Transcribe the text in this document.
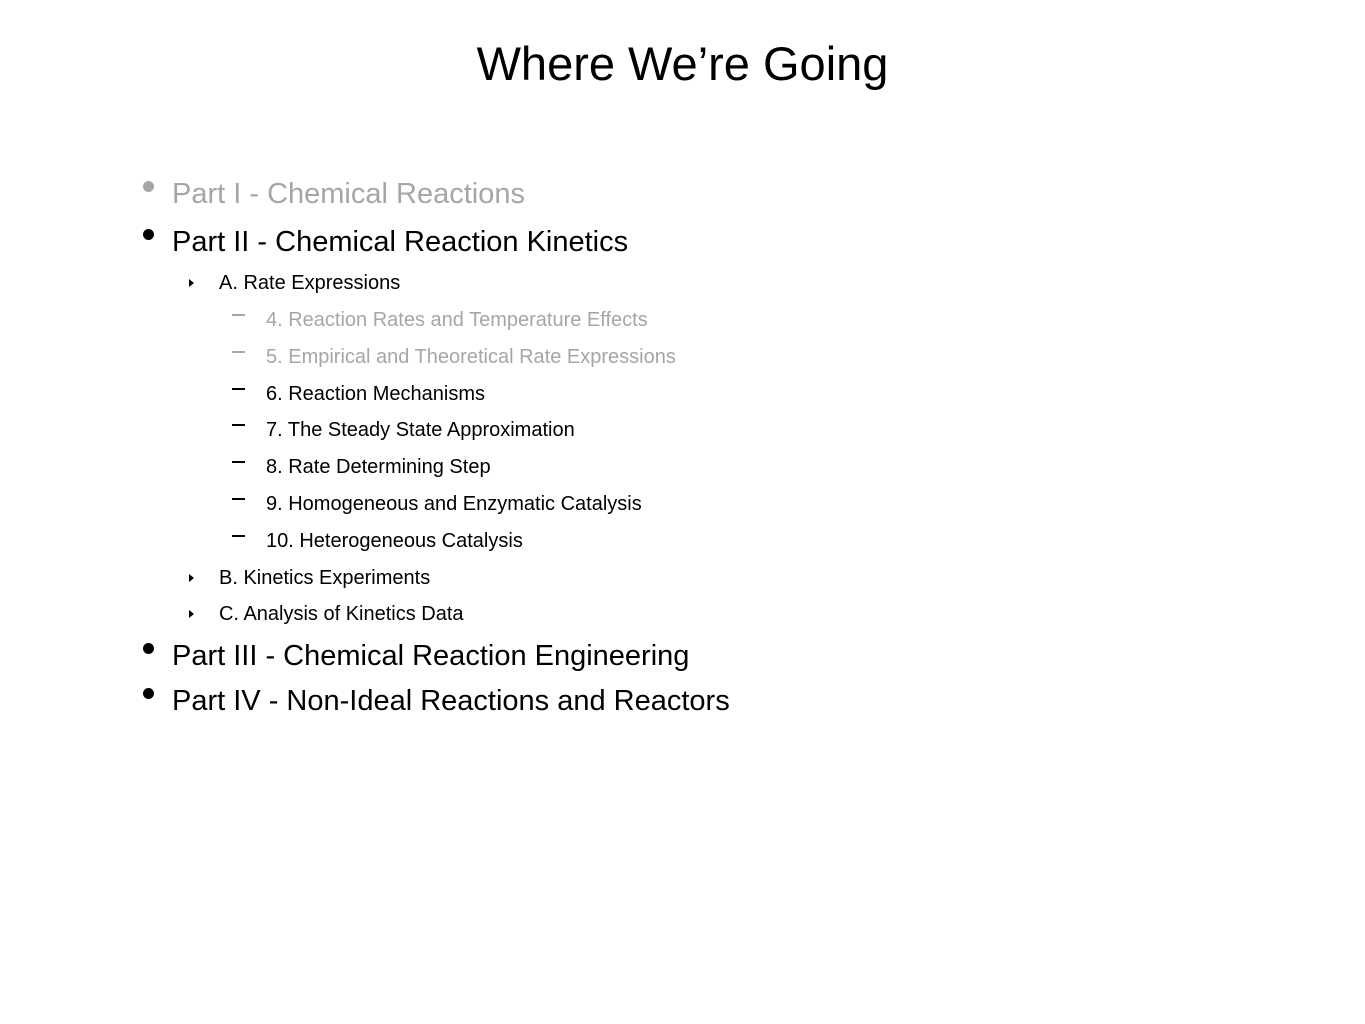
Where We’re Going
Part I - Chemical Reactions
Part II - Chemical Reaction Kinetics
A. Rate Expressions
4. Reaction Rates and Temperature Effects
5. Empirical and Theoretical Rate Expressions
6. Reaction Mechanisms
7. The Steady State Approximation
8. Rate Determining Step
9. Homogeneous and Enzymatic Catalysis
10. Heterogeneous Catalysis
B. Kinetics Experiments
C. Analysis of Kinetics Data
Part III - Chemical Reaction Engineering
Part IV - Non-Ideal Reactions and Reactors
